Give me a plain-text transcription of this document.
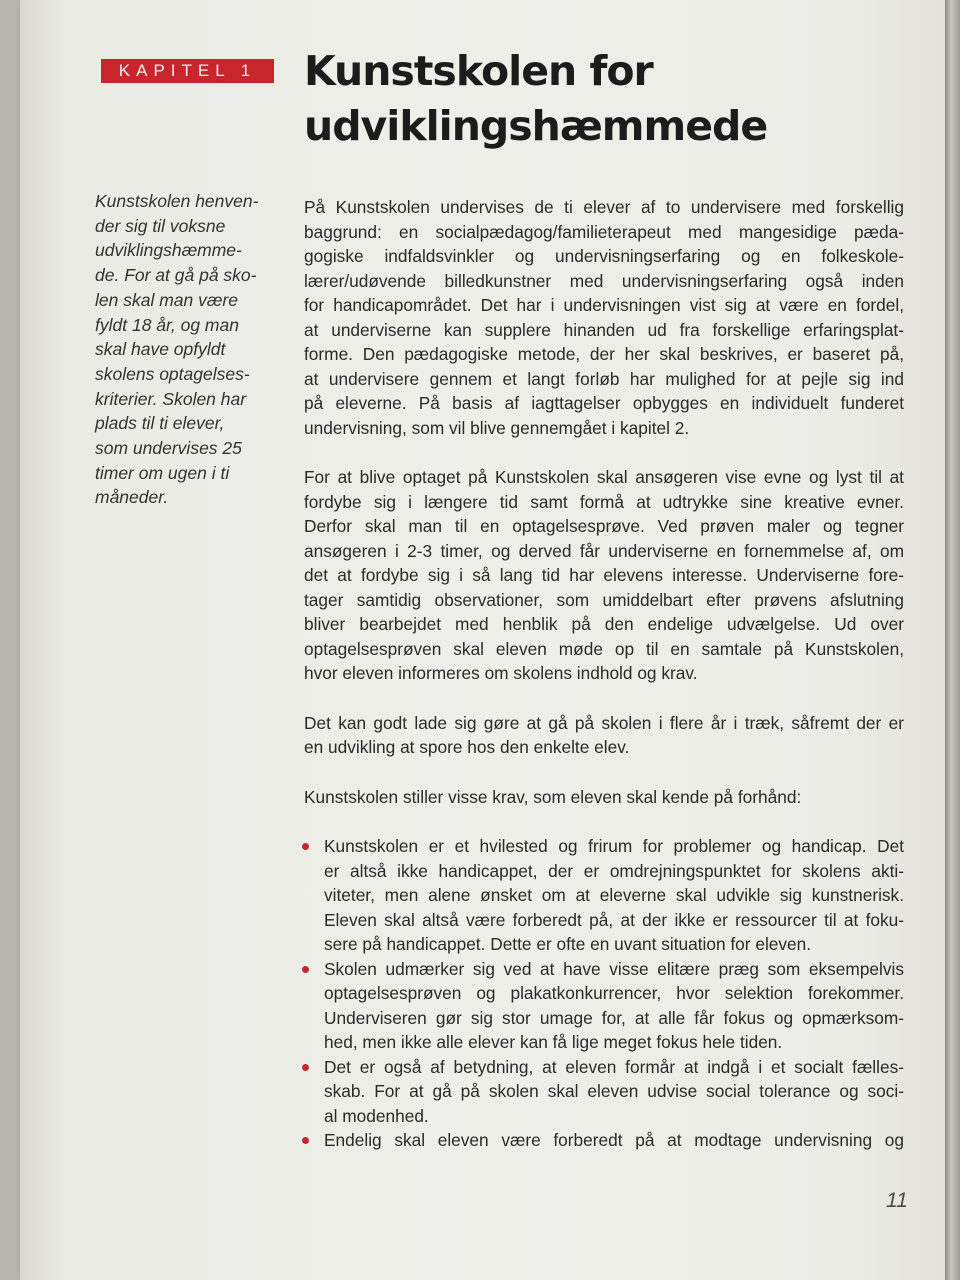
KAPITEL 1	Kunstskolen for
udviklingshæmmede
Kunstskolen henven-
der sig til voksne
udviklingshæmme-
de. For at gå på sko-
len skal man være
fyldt 18 år, og man
skal have opfyldt
skolens optagelses-
kriterier. Skolen har
plads til ti elever,
som undervises 25
timer om ugen i ti
måneder.
På Kunstskolen undervises de ti elever af to undervisere med forskellig
baggrund: en socialpædagog/familieterapeut med mangesidige pæda-
gogiske indfaldsvinkler og undervisningserfaring og en folkeskole-
lærer/udøvende billedkunstner med undervisningserfaring også inden
for handicapområdet. Det har i undervisningen vist sig at være en fordel,
at underviserne kan supplere hinanden ud fra forskellige erfaringsplat-
forme. Den pædagogiske metode, der her skal beskrives, er baseret på,
at undervisere gennem et langt forløb har mulighed for at pejle sig ind
på eleverne. På basis af iagttagelser opbygges en individuelt funderet
undervisning, som vil blive gennemgået i kapitel 2.
For at blive optaget på Kunstskolen skal ansøgeren vise evne og lyst til at
fordybe sig i længere tid samt formå at udtrykke sine kreative evner.
Derfor skal man til en optagelsesprøve. Ved prøven maler og tegner
ansøgeren i 2-3 timer, og derved får underviserne en fornemmelse af, om
det at fordybe sig i så lang tid har elevens interesse. Underviserne fore-
tager samtidig observationer, som umiddelbart efter prøvens afslutning
bliver bearbejdet med henblik på den endelige udvælgelse. Ud over
optagelsesprøven skal eleven møde op til en samtale på Kunstskolen,
hvor eleven informeres om skolens indhold og krav.
Det kan godt lade sig gøre at gå på skolen i flere år i træk, såfremt der er
en udvikling at spore hos den enkelte elev.
Kunstskolen stiller visse krav, som eleven skal kende på forhånd:
Kunstskolen er et hvilested og frirum for problemer og handicap. Det
er altså ikke handicappet, der er omdrejningspunktet for skolens akti-
viteter, men alene ønsket om at eleverne skal udvikle sig kunstnerisk.
Eleven skal altså være forberedt på, at der ikke er ressourcer til at foku-
sere på handicappet. Dette er ofte en uvant situation for eleven.
Skolen udmærker sig ved at have visse elitære præg som eksempelvis
optagelsesprøven og plakatkonkurrencer, hvor selektion forekommer.
Underviseren gør sig stor umage for, at alle får fokus og opmærksom-
hed, men ikke alle elever kan få lige meget fokus hele tiden.
Det er også af betydning, at eleven formår at indgå i et socialt fælles-
skab. For at gå på skolen skal eleven udvise social tolerance og soci-
al modenhed.
Endelig skal eleven være forberedt på at modtage undervisning og
11
